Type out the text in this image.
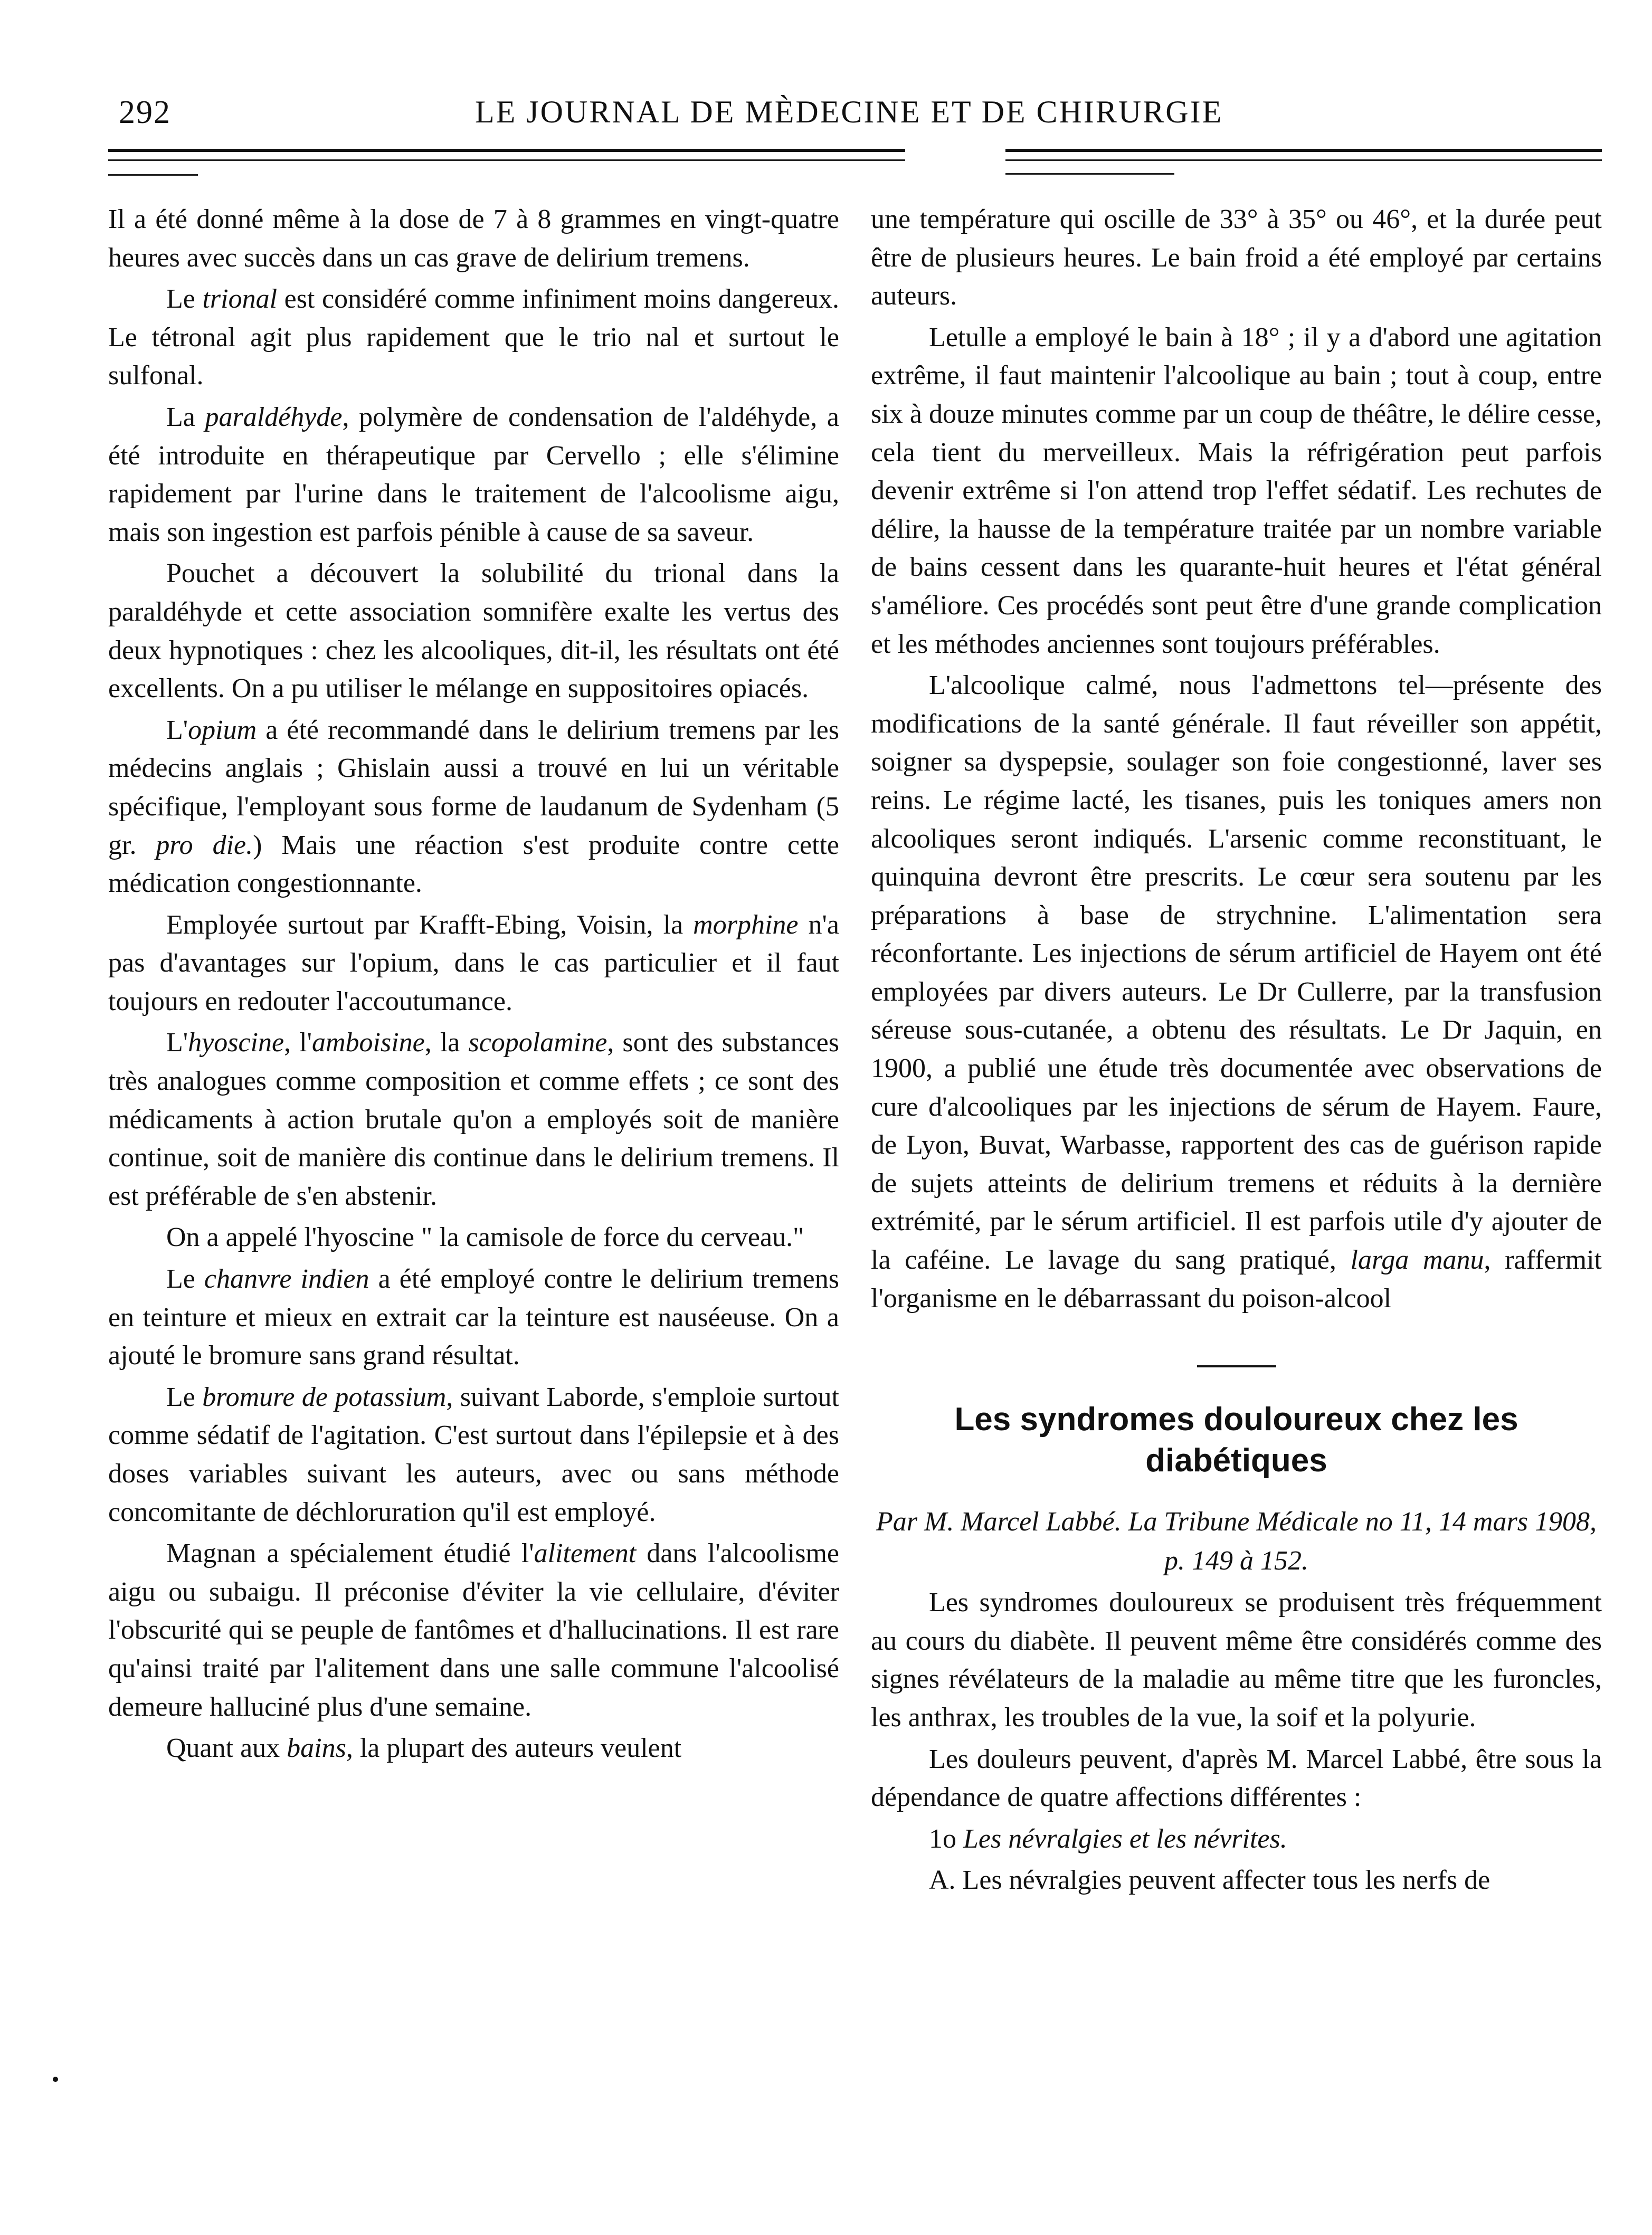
292	LE JOURNAL DE MÈDECINE ET DE CHIRURGIE

Il a été donné même à la dose de 7 à 8 grammes en vingt-quatre heures avec succès dans un cas grave de delirium tremens.

Le trional est considéré comme infiniment moins dangereux. Le tétronal agit plus rapidement que le trio nal et surtout le sulfonal.

La paraldéhyde, polymère de condensation de l'aldéhyde, a été introduite en thérapeutique par Cervello ; elle s'élimine rapidement par l'urine dans le traitement de l'alcoolisme aigu, mais son ingestion est parfois pénible à cause de sa saveur.

Pouchet a découvert la solubilité du trional dans la paraldéhyde et cette association somnifère exalte les vertus des deux hypnotiques : chez les alcooliques, dit-il, les résultats ont été excellents. On a pu utiliser le mélange en suppositoires opiacés.

L'opium a été recommandé dans le delirium tremens par les médecins anglais ; Ghislain aussi a trouvé en lui un véritable spécifique, l'employant sous forme de laudanum de Sydenham (5 gr. pro die.) Mais une réaction s'est produite contre cette médication congestionnante.

Employée surtout par Krafft-Ebing, Voisin, la morphine n'a pas d'avantages sur l'opium, dans le cas particulier et il faut toujours en redouter l'accoutumance.

L'hyoscine, l'amboisine, la scopolamine, sont des substances très analogues comme composition et comme effets ; ce sont des médicaments à action brutale qu'on a employés soit de manière continue, soit de manière dis continue dans le delirium tremens. Il est préférable de s'en abstenir.

On a appelé l'hyoscine " la camisole de force du cerveau."

Le chanvre indien a été employé contre le delirium tremens en teinture et mieux en extrait car la teinture est nauséeuse. On a ajouté le bromure sans grand résultat.

Le bromure de potassium, suivant Laborde, s'emploie surtout comme sédatif de l'agitation. C'est surtout dans l'épilepsie et à des doses variables suivant les auteurs, avec ou sans méthode concomitante de déchloruration qu'il est employé.

Magnan a spécialement étudié l'alitement dans l'alcoolisme aigu ou subaigu. Il préconise d'éviter la vie cellulaire, d'éviter l'obscurité qui se peuple de fantômes et d'hallucinations. Il est rare qu'ainsi traité par l'alitement dans une salle commune l'alcoolisé demeure halluciné plus d'une semaine.

Quant aux bains, la plupart des auteurs veulent

une température qui oscille de 33° à 35° ou 46°, et la durée peut être de plusieurs heures. Le bain froid a été employé par certains auteurs.

Letulle a employé le bain à 18° ; il y a d'abord une agitation extrême, il faut maintenir l'alcoolique au bain ; tout à coup, entre six à douze minutes comme par un coup de théâtre, le délire cesse, cela tient du merveilleux. Mais la réfrigération peut parfois devenir extrême si l'on attend trop l'effet sédatif. Les rechutes de délire, la hausse de la température traitée par un nombre variable de bains cessent dans les quarante-huit heures et l'état général s'améliore. Ces procédés sont peut être d'une grande complication et les méthodes anciennes sont toujours préférables.

L'alcoolique calmé, nous l'admettons tel—présente des modifications de la santé générale. Il faut réveiller son appétit, soigner sa dyspepsie, soulager son foie congestionné, laver ses reins. Le régime lacté, les tisanes, puis les toniques amers non alcooliques seront indiqués. L'arsenic comme reconstituant, le quinquina devront être prescrits. Le cœur sera soutenu par les préparations à base de strychnine. L'alimentation sera réconfortante. Les injections de sérum artificiel de Hayem ont été employées par divers auteurs. Le Dr Cullerre, par la transfusion séreuse sous-cutanée, a obtenu des résultats. Le Dr Jaquin, en 1900, a publié une étude très documentée avec observations de cure d'alcooliques par les injections de sérum de Hayem. Faure, de Lyon, Buvat, Warbasse, rapportent des cas de guérison rapide de sujets atteints de delirium tremens et réduits à la dernière extrémité, par le sérum artificiel. Il est parfois utile d'y ajouter de la caféine. Le lavage du sang pratiqué, larga manu, raffermit l'organisme en le débarrassant du poison-alcool

Les syndromes douloureux chez les diabétiques

Par M. Marcel Labbé. La Tribune Médicale no 11, 14 mars 1908, p. 149 à 152.

Les syndromes douloureux se produisent très fréquemment au cours du diabète. Il peuvent même être considérés comme des signes révélateurs de la maladie au même titre que les furoncles, les anthrax, les troubles de la vue, la soif et la polyurie.

Les douleurs peuvent, d'après M. Marcel Labbé, être sous la dépendance de quatre affections différentes :

1o Les névralgies et les névrites.

A. Les névralgies peuvent affecter tous les nerfs de
